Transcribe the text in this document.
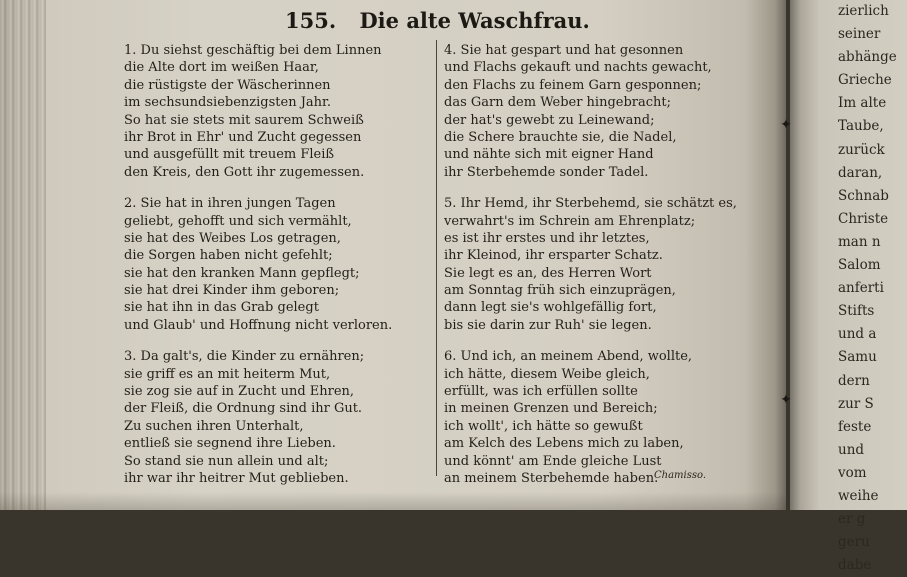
155. Die alte Waschfrau.
1. Du siehst geschäftig bei dem Linnen
die Alte dort im weißen Haar,
die rüstigste der Wäscherinnen
im sechsundsiebenzigsten Jahr.
So hat sie stets mit saurem Schweiß
ihr Brot in Ehr' und Zucht gegessen
und ausgefüllt mit treuem Fleiß
den Kreis, den Gott ihr zugemessen.
2. Sie hat in ihren jungen Tagen
geliebt, gehofft und sich vermählt,
sie hat des Weibes Los getragen,
die Sorgen haben nicht gefehlt;
sie hat den kranken Mann gepflegt;
sie hat drei Kinder ihm geboren;
sie hat ihn in das Grab gelegt
und Glaub' und Hoffnung nicht verloren.
3. Da galt's, die Kinder zu ernähren;
sie griff es an mit heiterm Mut,
sie zog sie auf in Zucht und Ehren,
der Fleiß, die Ordnung sind ihr Gut.
Zu suchen ihren Unterhalt,
entließ sie segnend ihre Lieben.
So stand sie nun allein und alt;
ihr war ihr heitrer Mut geblieben.
4. Sie hat gespart und hat gesonnen
und Flachs gekauft und nachts gewacht,
den Flachs zu feinem Garn gesponnen;
das Garn dem Weber hingebracht;
der hat's gewebt zu Leinewand;
die Schere brauchte sie, die Nadel,
und nähte sich mit eigner Hand
ihr Sterbehemde sonder Tadel.
5. Ihr Hemd, ihr Sterbehemd, sie schätzt es,
verwahrt's im Schrein am Ehrenplatz;
es ist ihr erstes und ihr letztes,
ihr Kleinod, ihr ersparter Schatz.
Sie legt es an, des Herren Wort
am Sonntag früh sich einzuprägen,
dann legt sie's wohlgefällig fort,
bis sie darin zur Ruh' sie legen.
6. Und ich, an meinem Abend, wollte,
ich hätte, diesem Weibe gleich,
erfüllt, was ich erfüllen sollte
in meinen Grenzen und Bereich;
ich wollt', ich hätte so gewußt
am Kelch des Lebens mich zu laben,
und könnt' am Ende gleiche Lust
an meinem Sterbehemde haben.
Chamisso.
zierlich
seiner
abhänge
Grieche
Im alte
Taube,
zurück
daran,
Schnab
Christe
man n
Salom
anferti
Stifts
und a
Samu
dern
zur S
feste
und
vom
weihe
er g
geru
dabe
✦
✦
